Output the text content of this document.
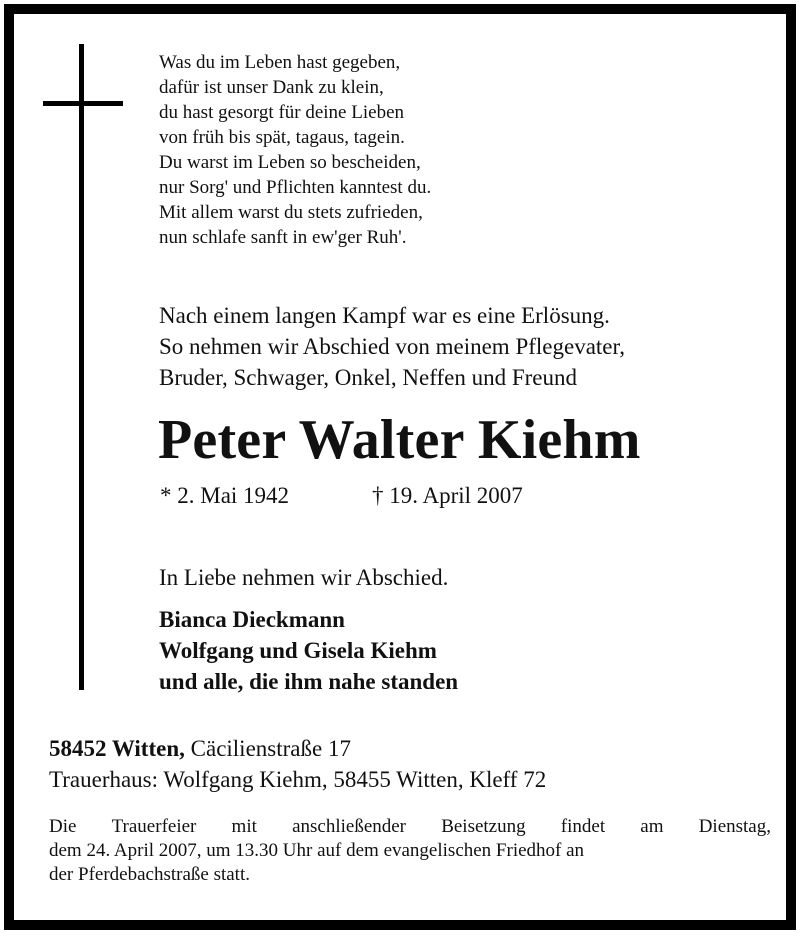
Was du im Leben hast gegeben,
dafür ist unser Dank zu klein,
du hast gesorgt für deine Lieben
von früh bis spät, tagaus, tagein.
Du warst im Leben so bescheiden,
nur Sorg' und Pflichten kanntest du.
Mit allem warst du stets zufrieden,
nun schlafe sanft in ew'ger Ruh'.
Nach einem langen Kampf war es eine Erlösung.
So nehmen wir Abschied von meinem Pflegevater,
Bruder, Schwager, Onkel, Neffen und Freund
Peter Walter Kiehm
* 2. Mai 1942	† 19. April 2007
In Liebe nehmen wir Abschied.
Bianca Dieckmann
Wolfgang und Gisela Kiehm
und alle, die ihm nahe standen
58452 Witten, Cäcilienstraße 17
Trauerhaus: Wolfgang Kiehm, 58455 Witten, Kleff 72
Die Trauerfeier mit anschließender Beisetzung findet am Dienstag,
dem 24. April 2007, um 13.30 Uhr auf dem evangelischen Friedhof an
der Pferdebachstraße statt.
